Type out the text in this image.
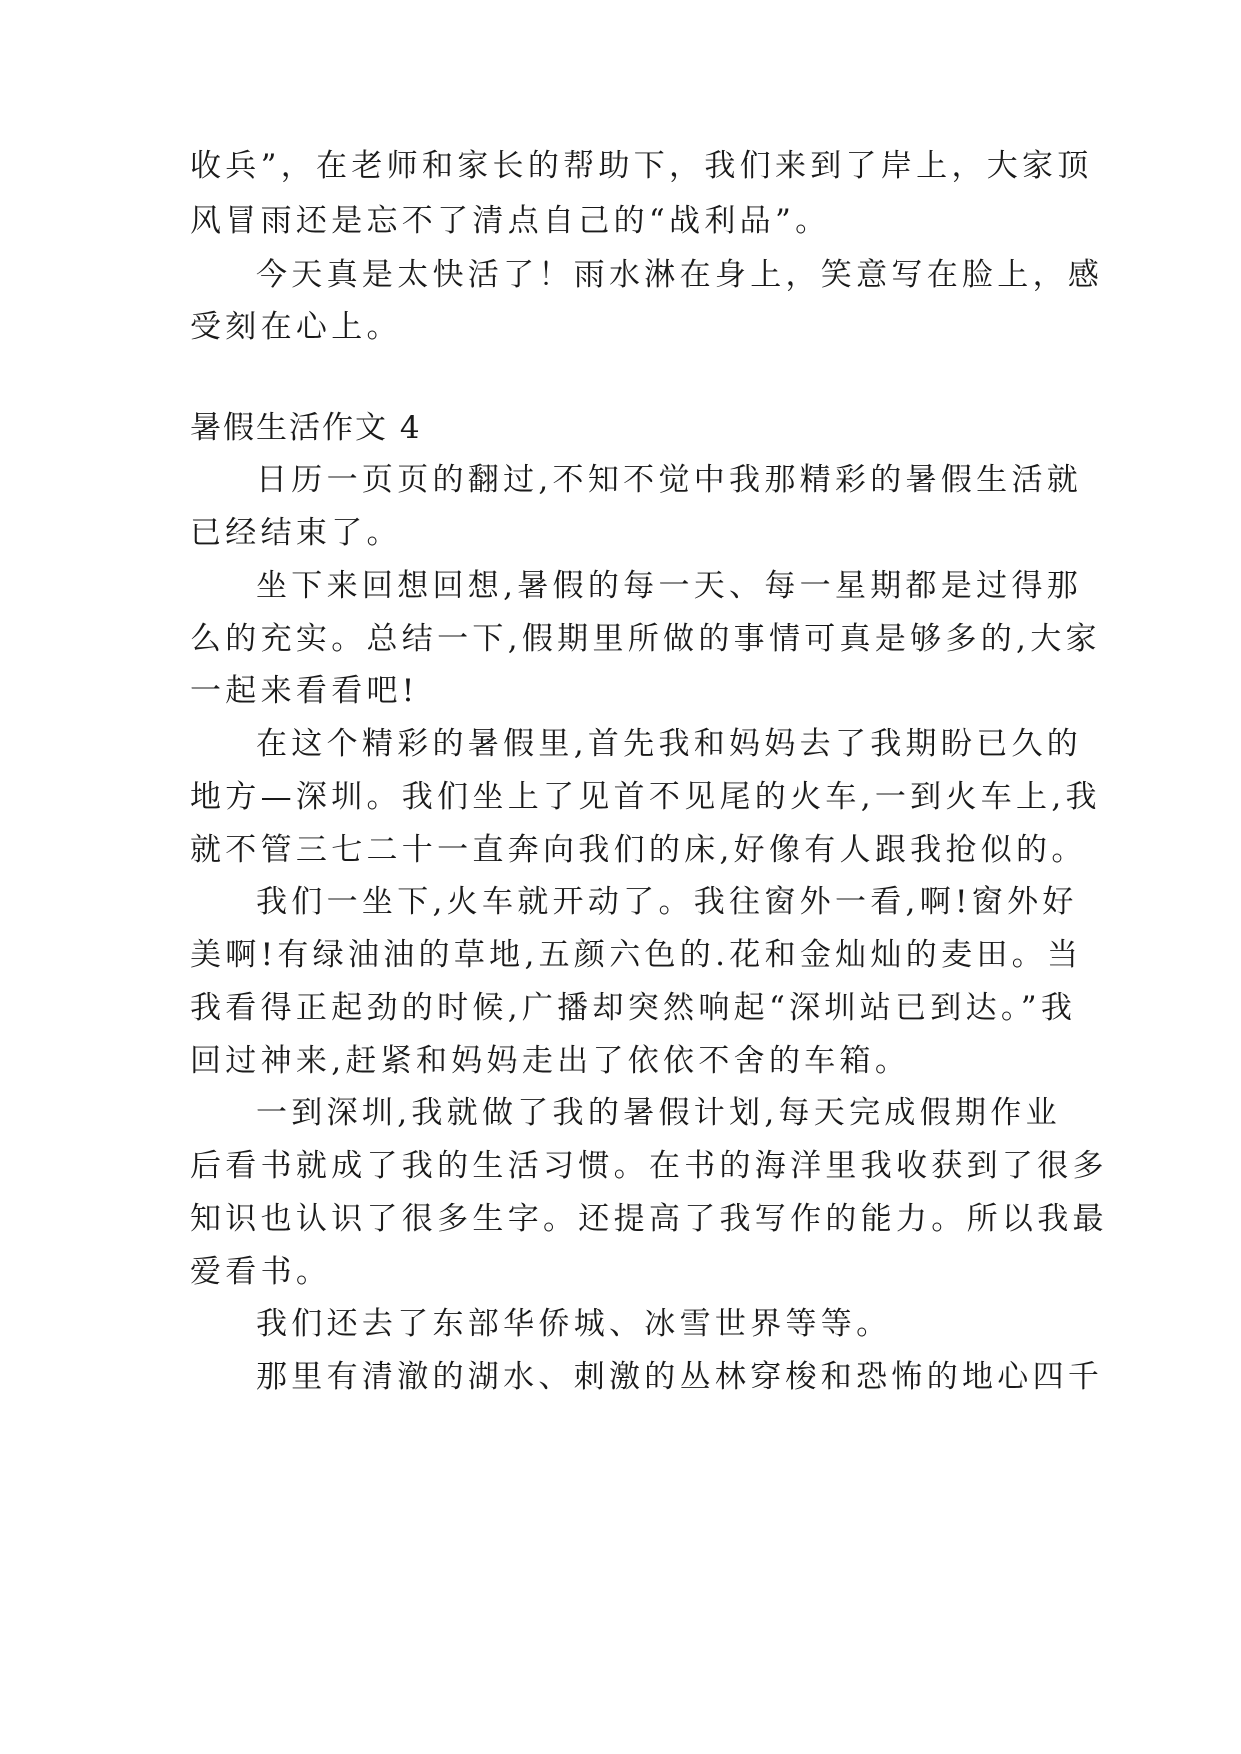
收兵”，在老师和家长的帮助下，我们来到了岸上，大家顶
风冒雨还是忘不了清点自己的“战利品”。
今天真是太快活了！雨水淋在身上，笑意写在脸上，感
受刻在心上。
暑假生活作文 4
日历一页页的翻过,不知不觉中我那精彩的暑假生活就
已经结束了。
坐下来回想回想,暑假的每一天、每一星期都是过得那
么的充实。总结一下,假期里所做的事情可真是够多的,大家
一起来看看吧!
在这个精彩的暑假里,首先我和妈妈去了我期盼已久的
地方—深圳。我们坐上了见首不见尾的火车,一到火车上,我
就不管三七二十一直奔向我们的床,好像有人跟我抢似的。
我们一坐下,火车就开动了。我往窗外一看,啊!窗外好
美啊!有绿油油的草地,五颜六色的.花和金灿灿的麦田。当
我看得正起劲的时候,广播却突然响起“深圳站已到达。”我
回过神来,赶紧和妈妈走出了依依不舍的车箱。
一到深圳,我就做了我的暑假计划,每天完成假期作业
后看书就成了我的生活习惯。在书的海洋里我收获到了很多
知识也认识了很多生字。还提高了我写作的能力。所以我最
爱看书。
我们还去了东部华侨城、冰雪世界等等。
那里有清澈的湖水、刺激的丛林穿梭和恐怖的地心四千
